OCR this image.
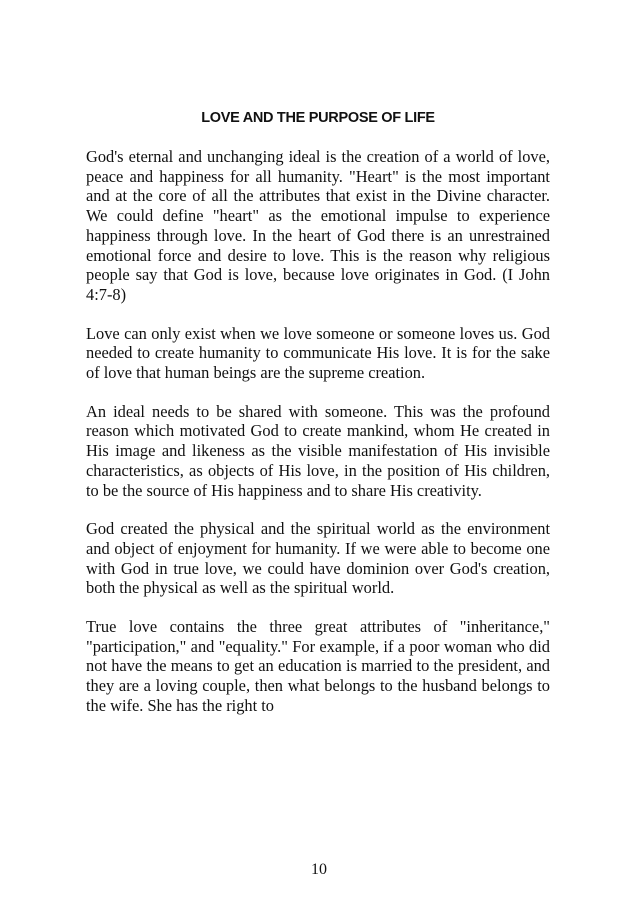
LOVE AND THE PURPOSE OF LIFE

God's eternal and unchanging ideal is the creation of a world of love, peace and happiness for all humanity. "Heart" is the most important and at the core of all the attributes that exist in the Divine character. We could define "heart" as the emotional impulse to experience happiness through love. In the heart of God there is an unrestrained emotional force and desire to love. This is the reason why religious people say that God is love, because love originates in God. (I John 4:7-8)

Love can only exist when we love someone or someone loves us. God needed to create humanity to communicate His love. It is for the sake of love that human beings are the supreme creation.

An ideal needs to be shared with someone. This was the profound reason which motivated God to create mankind, whom He created in His image and likeness as the visible manifestation of His invisible characteristics, as objects of His love, in the position of His children, to be the source of His happiness and to share His creativity.

God created the physical and the spiritual world as the environment and object of enjoyment for humanity. If we were able to become one with God in true love, we could have dominion over God's creation, both the physical as well as the spiritual world.

True love contains the three great attributes of "inheritance," "participation," and "equality." For example, if a poor woman who did not have the means to get an education is married to the president, and they are a loving couple, then what belongs to the husband belongs to the wife. She has the right to

10
